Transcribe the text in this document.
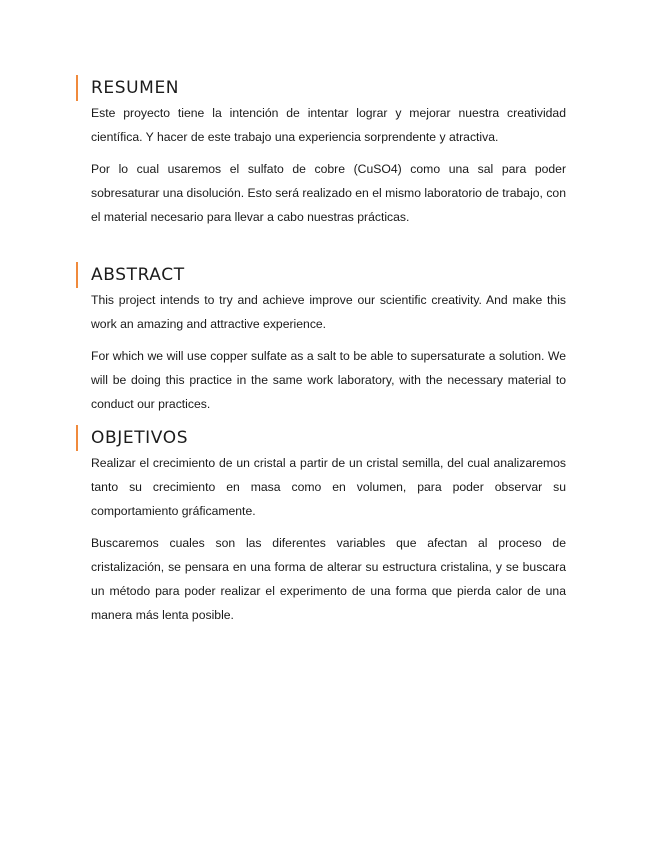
RESUMEN

Este proyecto tiene la intención de intentar lograr y mejorar nuestra creatividad científica. Y hacer de este trabajo una experiencia sorprendente y atractiva.

Por lo cual usaremos el sulfato de cobre (CuSO4) como una sal para poder sobresaturar una disolución. Esto será realizado en el mismo laboratorio de trabajo, con el material necesario para llevar a cabo nuestras prácticas.

ABSTRACT

This project intends to try and achieve improve our scientific creativity. And make this work an amazing and attractive experience.

For which we will use copper sulfate as a salt to be able to supersaturate a solution. We will be doing this practice in the same work laboratory, with the necessary material to conduct our practices.

OBJETIVOS

Realizar el crecimiento de un cristal a partir de un cristal semilla, del cual analizaremos tanto su crecimiento en masa como en volumen, para poder observar su comportamiento gráficamente.

Buscaremos cuales son las diferentes variables que afectan al proceso de cristalización, se pensara en una forma de alterar su estructura cristalina, y se buscara un método para poder realizar el experimento de una forma que pierda calor de una manera más lenta posible.
